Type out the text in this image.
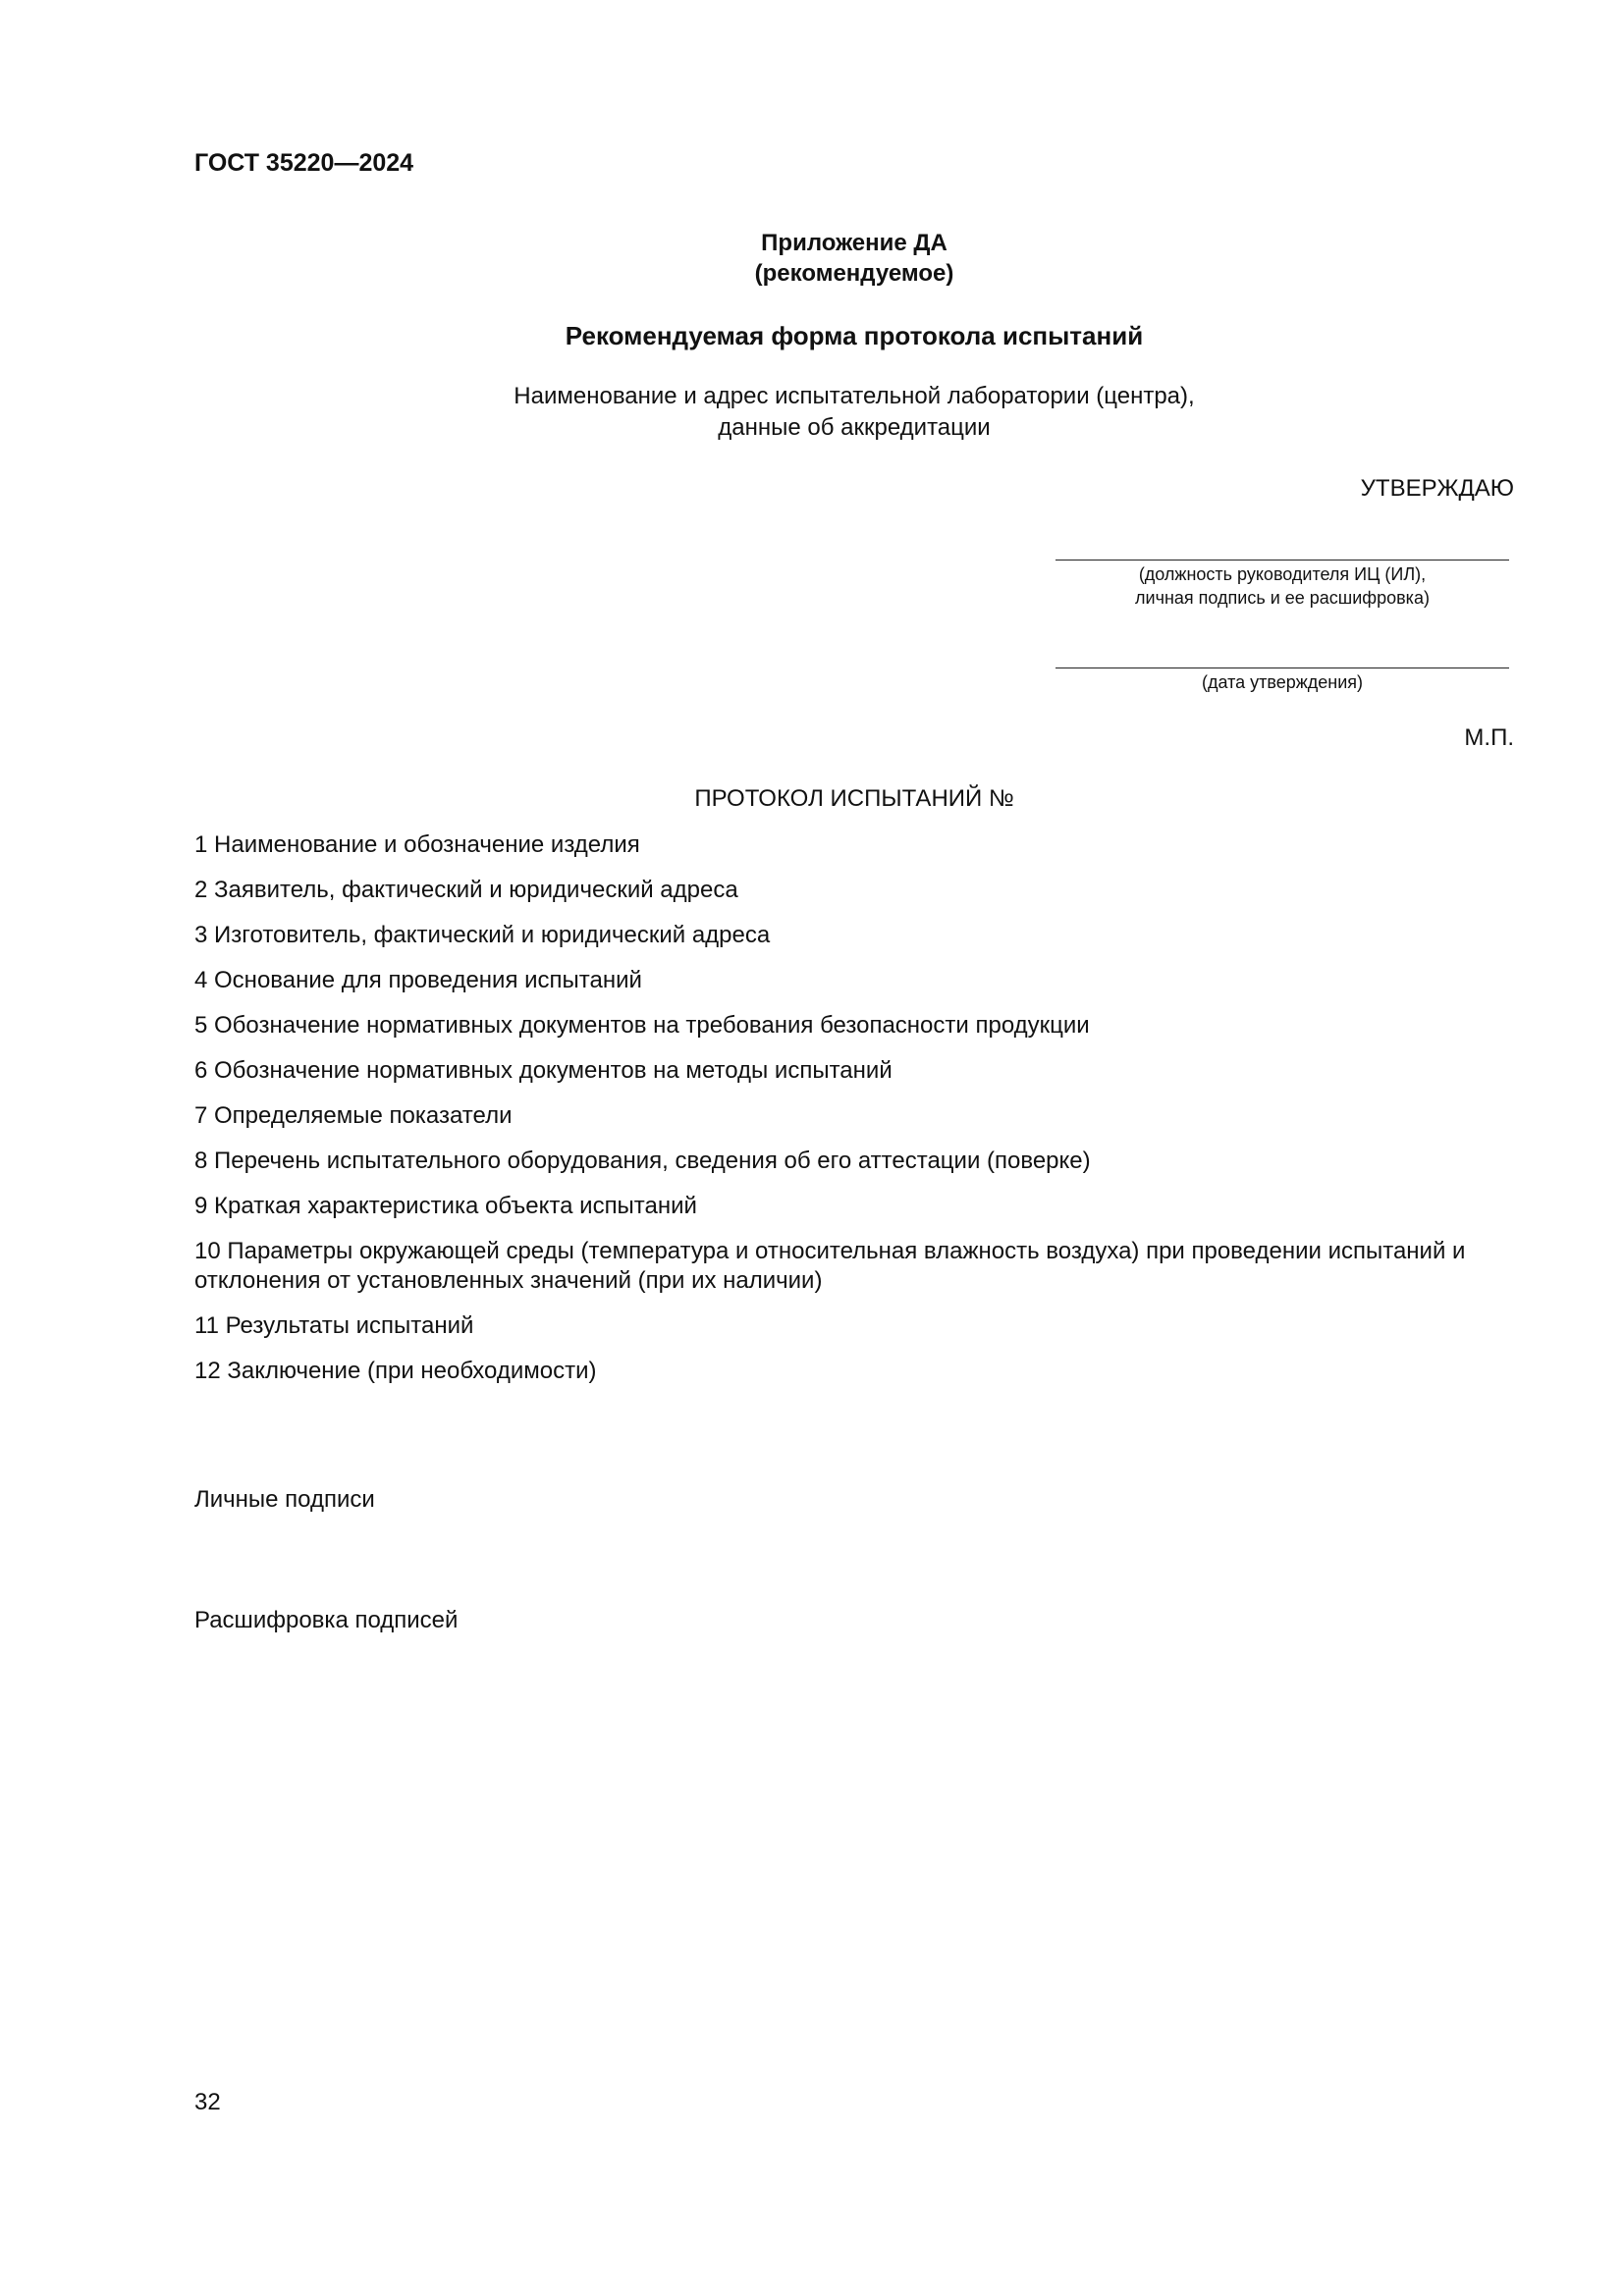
ГОСТ 35220—2024
Приложение ДА
(рекомендуемое)
Рекомендуемая форма протокола испытаний
Наименование и адрес испытательной лаборатории (центра),
данные об аккредитации
УТВЕРЖДАЮ
(должность руководителя ИЦ (ИЛ),
личная подпись и ее расшифровка)
(дата утверждения)
М.П.
ПРОТОКОЛ ИСПЫТАНИЙ №

1 Наименование и обозначение изделия

2 Заявитель, фактический и юридический адреса

3 Изготовитель, фактический и юридический адреса

4 Основание для проведения испытаний

5 Обозначение нормативных документов на требования безопасности продукции

6 Обозначение нормативных документов на методы испытаний

7 Определяемые показатели

8 Перечень испытательного оборудования, сведения об его аттестации (поверке)

9 Краткая характеристика объекта испытаний

10 Параметры окружающей среды (температура и относительная влажность воздуха) при проведении испытаний и отклонения от установленных значений (при их наличии)

11 Результаты испытаний

12 Заключение (при необходимости)

Личные подписи
Расшифровка подписей
32
